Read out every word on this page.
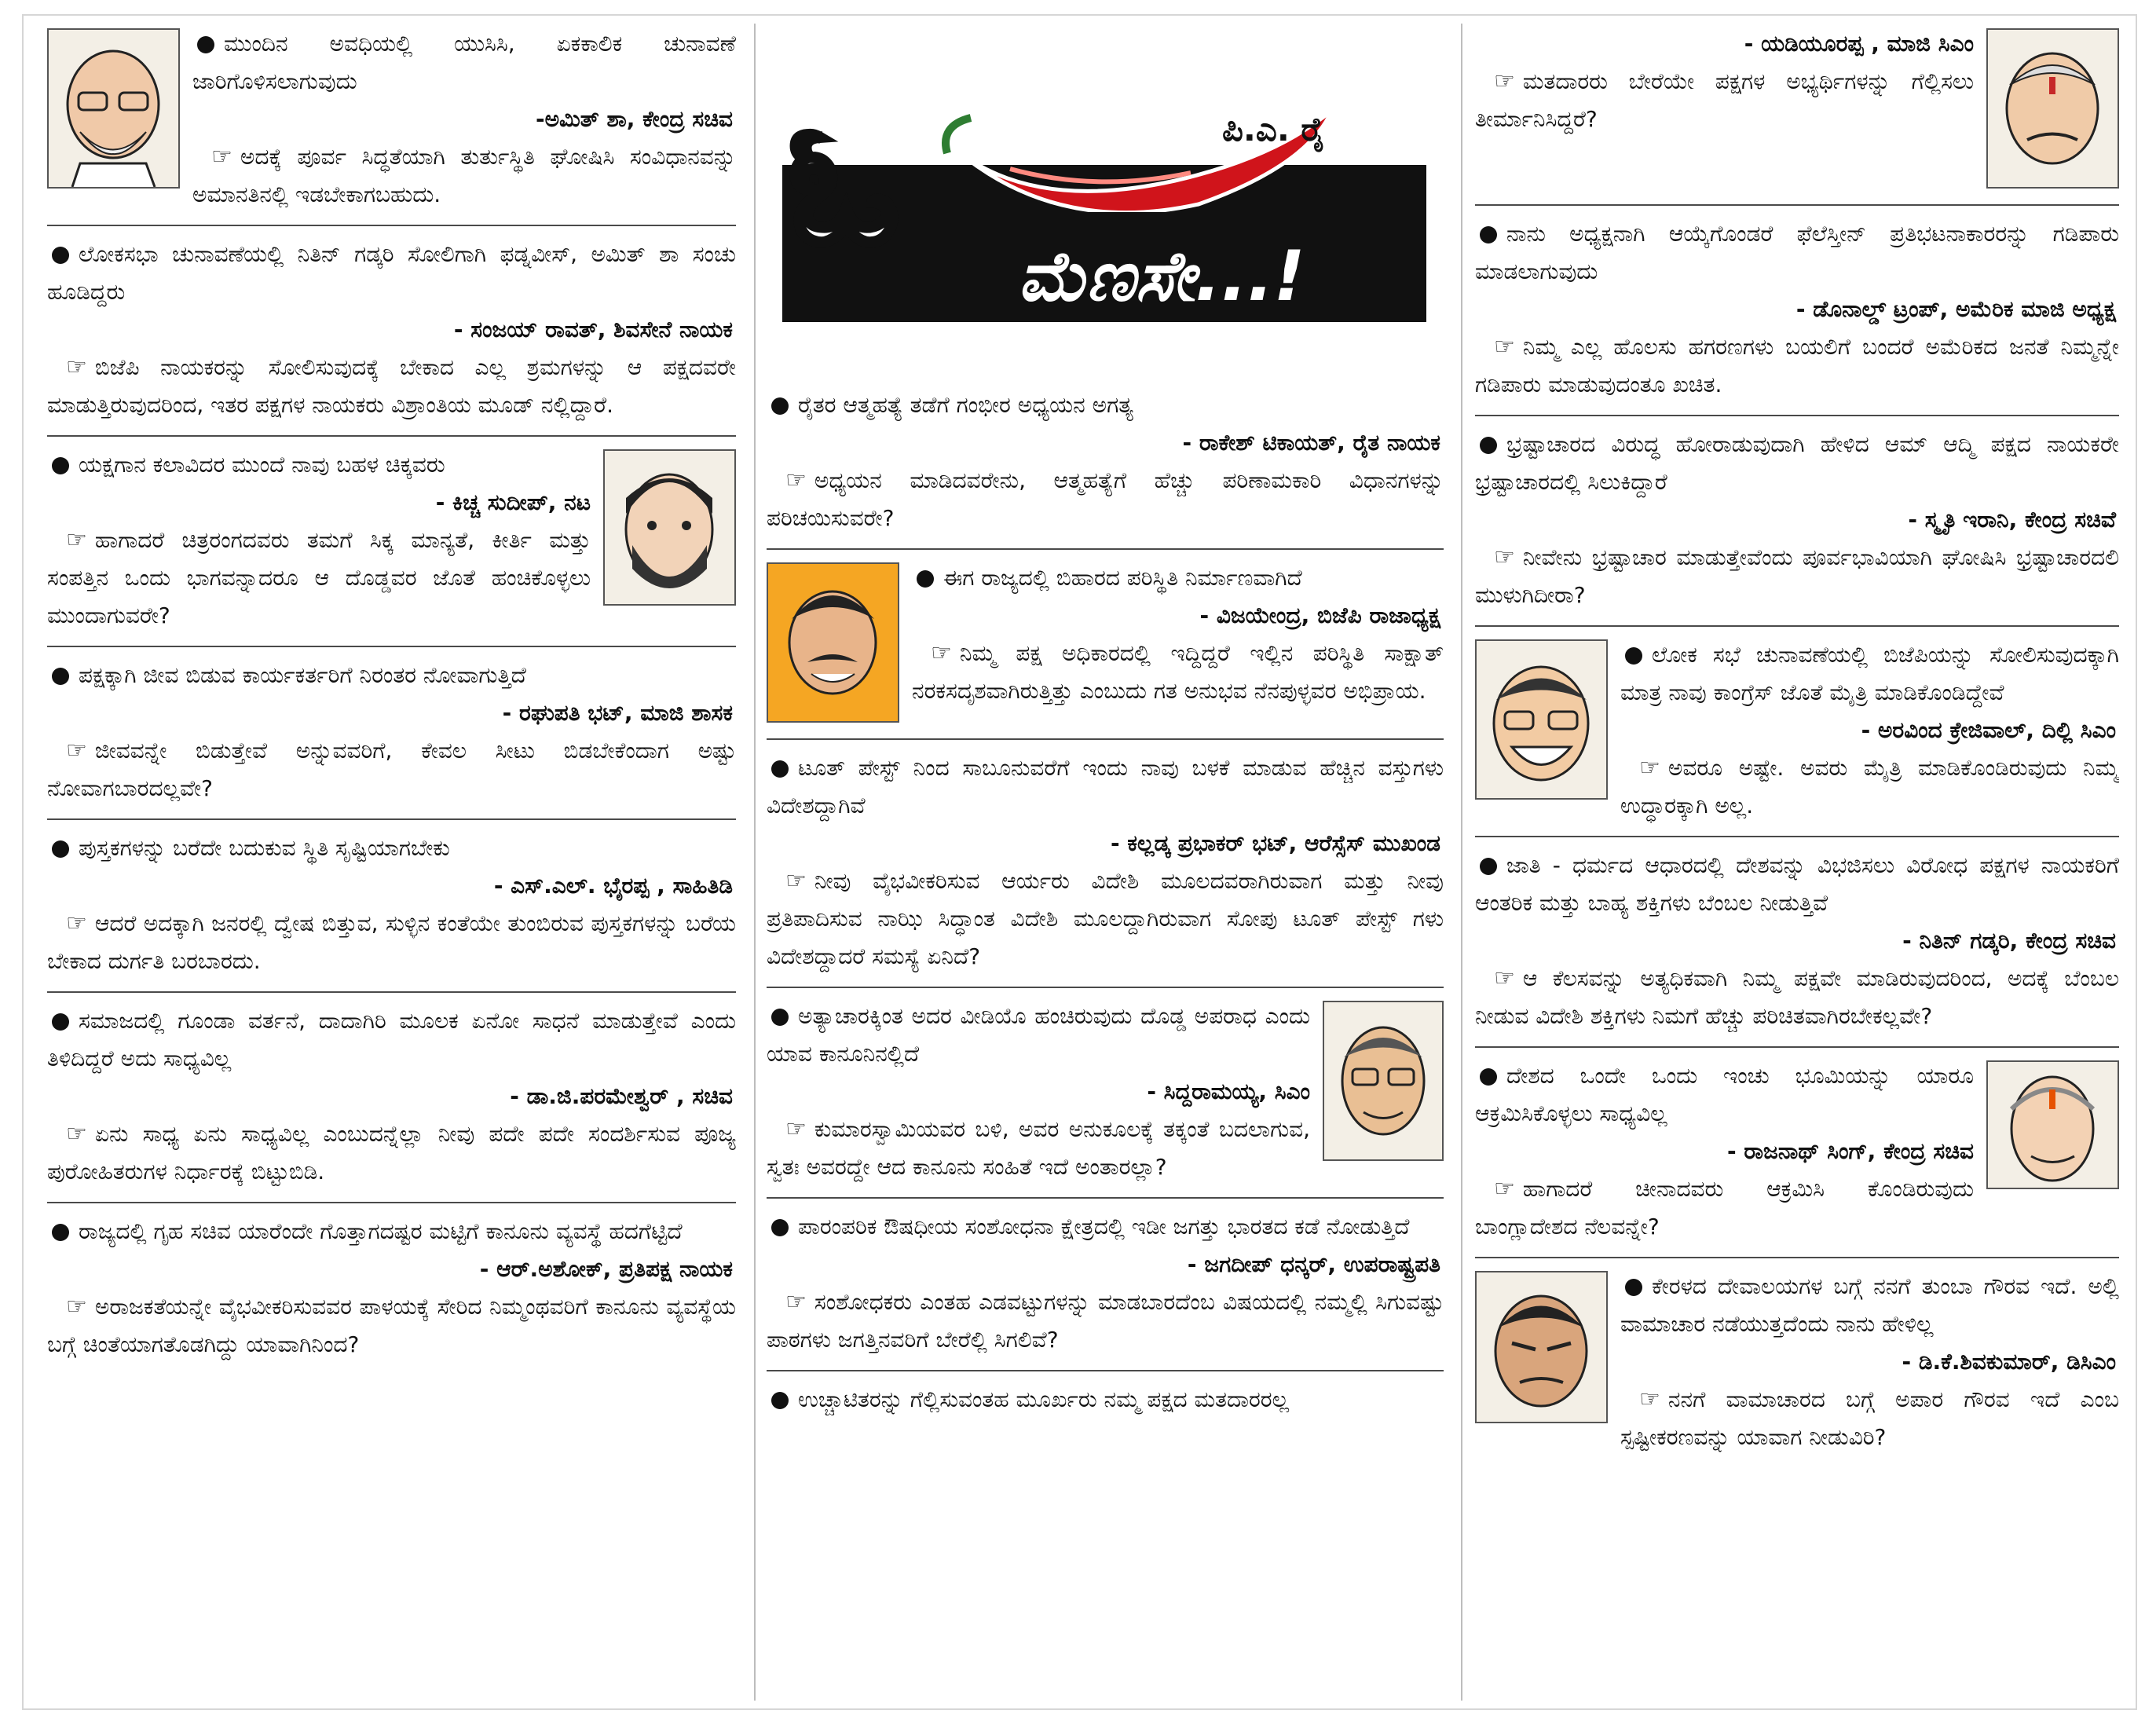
ಮುಂದಿನ ಅವಧಿಯಲ್ಲಿ ಯುಸಿಸಿ, ಏಕಕಾಲಿಕ ಚುನಾವಣೆ ಜಾರಿಗೊಳಿಸಲಾಗುವುದು
-ಅಮಿತ್ ಶಾ, ಕೇಂದ್ರ ಸಚಿವ
☞ ಅದಕ್ಕೆ ಪೂರ್ವ ಸಿದ್ಧತೆಯಾಗಿ ತುರ್ತುಸ್ಥಿತಿ ಘೋಷಿಸಿ ಸಂವಿಧಾನವನ್ನು ಅಮಾನತಿನಲ್ಲಿ ಇಡಬೇಕಾಗಬಹುದು.
ಲೋಕಸಭಾ ಚುನಾವಣೆಯಲ್ಲಿ ನಿತಿನ್ ಗಡ್ಕರಿ ಸೋಲಿಗಾಗಿ ಫಡ್ನವೀಸ್, ಅಮಿತ್ ಶಾ ಸಂಚು ಹೂಡಿದ್ದರು
- ಸಂಜಯ್ ರಾವತ್, ಶಿವಸೇನೆ ನಾಯಕ
☞ ಬಿಜೆಪಿ ನಾಯಕರನ್ನು ಸೋಲಿಸುವುದಕ್ಕೆ ಬೇಕಾದ ಎಲ್ಲ ಶ್ರಮಗಳನ್ನು ಆ ಪಕ್ಷದವರೇ ಮಾಡುತ್ತಿರುವುದರಿಂದ, ಇತರ ಪಕ್ಷಗಳ ನಾಯಕರು ವಿಶ್ರಾಂತಿಯ ಮೂಡ್ ನಲ್ಲಿದ್ದಾರೆ.
ಯಕ್ಷಗಾನ ಕಲಾವಿದರ ಮುಂದೆ ನಾವು ಬಹಳ ಚಿಕ್ಕವರು
- ಕಿಚ್ಚ ಸುದೀಪ್, ನಟ
☞ ಹಾಗಾದರೆ ಚಿತ್ರರಂಗದವರು ತಮಗೆ ಸಿಕ್ಕ ಮಾನ್ಯತೆ, ಕೀರ್ತಿ ಮತ್ತು ಸಂಪತ್ತಿನ ಒಂದು ಭಾಗವನ್ನಾದರೂ ಆ ದೊಡ್ಡವರ ಜೊತೆ ಹಂಚಿಕೊಳ್ಳಲು ಮುಂದಾಗುವರೇ?
ಪಕ್ಷಕ್ಕಾಗಿ ಜೀವ ಬಿಡುವ ಕಾರ್ಯಕರ್ತರಿಗೆ ನಿರಂತರ ನೋವಾಗುತ್ತಿದೆ
- ರಘುಪತಿ ಭಟ್, ಮಾಜಿ ಶಾಸಕ
☞ ಜೀವವನ್ನೇ ಬಿಡುತ್ತೇವೆ ಅನ್ನುವವರಿಗೆ, ಕೇವಲ ಸೀಟು ಬಿಡಬೇಕೆಂದಾಗ ಅಷ್ಟು ನೋವಾಗಬಾರದಲ್ಲವೇ?
ಪುಸ್ತಕಗಳನ್ನು ಬರೆದೇ ಬದುಕುವ ಸ್ಥಿತಿ ಸೃಷ್ಟಿಯಾಗಬೇಕು
- ಎಸ್.ಎಲ್. ಭೈರಪ್ಪ , ಸಾಹಿತಿಡಿ
☞ ಆದರೆ ಅದಕ್ಕಾಗಿ ಜನರಲ್ಲಿ ದ್ವೇಷ ಬಿತ್ತುವ, ಸುಳ್ಳಿನ ಕಂತೆಯೇ ತುಂಬಿರುವ ಪುಸ್ತಕಗಳನ್ನು ಬರೆಯ ಬೇಕಾದ ದುರ್ಗತಿ ಬರಬಾರದು.
ಸಮಾಜದಲ್ಲಿ ಗೂಂಡಾ ವರ್ತನೆ, ದಾದಾಗಿರಿ ಮೂಲಕ ಏನೋ ಸಾಧನೆ ಮಾಡುತ್ತೇವೆ ಎಂದು ತಿಳಿದಿದ್ದರೆ ಅದು ಸಾಧ್ಯವಿಲ್ಲ
- ಡಾ.ಜಿ.ಪರಮೇಶ್ವರ್ , ಸಚಿವ
☞ ಏನು ಸಾಧ್ಯ ಏನು ಸಾಧ್ಯವಿಲ್ಲ ಎಂಬುದನ್ನೆಲ್ಲಾ ನೀವು ಪದೇ ಪದೇ ಸಂದರ್ಶಿಸುವ ಪೂಜ್ಯ ಪುರೋಹಿತರುಗಳ ನಿರ್ಧಾರಕ್ಕೆ ಬಿಟ್ಟುಬಿಡಿ.
ರಾಜ್ಯದಲ್ಲಿ ಗೃಹ ಸಚಿವ ಯಾರೆಂದೇ ಗೊತ್ತಾಗದಷ್ಟರ ಮಟ್ಟಿಗೆ ಕಾನೂನು ವ್ಯವಸ್ಥೆ ಹದಗೆಟ್ಟಿದೆ
- ಆರ್.ಅಶೋಕ್, ಪ್ರತಿಪಕ್ಷ ನಾಯಕ
☞ ಅರಾಜಕತೆಯನ್ನೇ ವೈಭವೀಕರಿಸುವವರ ಪಾಳಯಕ್ಕೆ ಸೇರಿದ ನಿಮ್ಮಂಥವರಿಗೆ ಕಾನೂನು ವ್ಯವಸ್ಥೆಯ ಬಗ್ಗೆ ಚಿಂತೆಯಾಗತೊಡಗಿದ್ದು ಯಾವಾಗಿನಿಂದ?
ಓ	ಪಿ.ಎ. ರೈ
ಮೆಣಸೇ...!
ರೈತರ ಆತ್ಮಹತ್ಯೆ ತಡೆಗೆ ಗಂಭೀರ ಅಧ್ಯಯನ ಅಗತ್ಯ
- ರಾಕೇಶ್ ಟಿಕಾಯತ್, ರೈತ ನಾಯಕ
☞ ಅಧ್ಯಯನ ಮಾಡಿದವರೇನು, ಆತ್ಮಹತ್ಯೆಗೆ ಹೆಚ್ಚು ಪರಿಣಾಮಕಾರಿ ವಿಧಾನಗಳನ್ನು ಪರಿಚಯಿಸುವರೇ?
ಈಗ ರಾಜ್ಯದಲ್ಲಿ ಬಿಹಾರದ ಪರಿಸ್ಥಿತಿ ನಿರ್ಮಾಣವಾಗಿದೆ
- ವಿಜಯೇಂದ್ರ, ಬಿಜೆಪಿ ರಾಜಾಧ್ಯಕ್ಷ
☞ ನಿಮ್ಮ ಪಕ್ಷ ಅಧಿಕಾರದಲ್ಲಿ ಇದ್ದಿದ್ದರೆ ಇಲ್ಲಿನ ಪರಿಸ್ಥಿತಿ ಸಾಕ್ಷಾತ್ ನರಕಸದೃಶವಾಗಿರುತ್ತಿತ್ತು ಎಂಬುದು ಗತ ಅನುಭವ ನೆನಪುಳ್ಳವರ ಅಭಿಪ್ರಾಯ.
ಟೂತ್ ಪೇಸ್ಟ್ ನಿಂದ ಸಾಬೂನುವರೆಗೆ ಇಂದು ನಾವು ಬಳಕೆ ಮಾಡುವ ಹೆಚ್ಚಿನ ವಸ್ತುಗಳು ವಿದೇಶದ್ದಾಗಿವೆ
- ಕಲ್ಲಡ್ಕ ಪ್ರಭಾಕರ್ ಭಟ್, ಆರೆಸ್ಸೆಸ್ ಮುಖಂಡ
☞ ನೀವು ವೈಭವೀಕರಿಸುವ ಆರ್ಯರು ವಿದೇಶಿ ಮೂಲದವರಾಗಿರುವಾಗ ಮತ್ತು ನೀವು ಪ್ರತಿಪಾದಿಸುವ ನಾಝಿ ಸಿದ್ಧಾಂತ ವಿದೇಶಿ ಮೂಲದ್ದಾಗಿರುವಾಗ ಸೋಪು ಟೂತ್ ಪೇಸ್ಟ್ ಗಳು ವಿದೇಶದ್ದಾದರೆ ಸಮಸ್ಯೆ ಏನಿದೆ?
ಅತ್ಯಾಚಾರಕ್ಕಿಂತ ಅದರ ವೀಡಿಯೊ ಹಂಚಿರುವುದು ದೊಡ್ಡ ಅಪರಾಧ ಎಂದು ಯಾವ ಕಾನೂನಿನಲ್ಲಿದೆ
- ಸಿದ್ದರಾಮಯ್ಯ, ಸಿಎಂ
☞ ಕುಮಾರಸ್ವಾಮಿಯವರ ಬಳಿ, ಅವರ ಅನುಕೂಲಕ್ಕೆ ತಕ್ಕಂತೆ ಬದಲಾಗುವ, ಸ್ವತಃ ಅವರದ್ದೇ ಆದ ಕಾನೂನು ಸಂಹಿತೆ ಇದೆ ಅಂತಾರಲ್ಲಾ?
ಪಾರಂಪರಿಕ ಔಷಧೀಯ ಸಂಶೋಧನಾ ಕ್ಷೇತ್ರದಲ್ಲಿ ಇಡೀ ಜಗತ್ತು ಭಾರತದ ಕಡೆ ನೋಡುತ್ತಿದೆ
- ಜಗದೀಪ್ ಧನ್ಕರ್, ಉಪರಾಷ್ಟ್ರಪತಿ
☞ ಸಂಶೋಧಕರು ಎಂತಹ ಎಡವಟ್ಟುಗಳನ್ನು ಮಾಡಬಾರದೆಂಬ ವಿಷಯದಲ್ಲಿ ನಮ್ಮಲ್ಲಿ ಸಿಗುವಷ್ಟು ಪಾಠಗಳು ಜಗತ್ತಿನವರಿಗೆ ಬೇರೆಲ್ಲಿ ಸಿಗಲಿವೆ?
ಉಚ್ಚಾಟಿತರನ್ನು ಗೆಲ್ಲಿಸುವಂತಹ ಮೂರ್ಖರು ನಮ್ಮ ಪಕ್ಷದ ಮತದಾರರಲ್ಲ
- ಯಡಿಯೂರಪ್ಪ , ಮಾಜಿ ಸಿಎಂ
☞ ಮತದಾರರು ಬೇರೆಯೇ ಪಕ್ಷಗಳ ಅಭ್ಯರ್ಥಿಗಳನ್ನು ಗೆಲ್ಲಿಸಲು ತೀರ್ಮಾನಿಸಿದ್ದರೆ?
ನಾನು ಅಧ್ಯಕ್ಷನಾಗಿ ಆಯ್ಕೆಗೊಂಡರೆ ಫೆಲೆಸ್ತೀನ್ ಪ್ರತಿಭಟನಾಕಾರರನ್ನು ಗಡಿಪಾರು ಮಾಡಲಾಗುವುದು
- ಡೊನಾಲ್ಡ್ ಟ್ರಂಪ್, ಅಮೆರಿಕ ಮಾಜಿ ಅಧ್ಯಕ್ಷ
☞ ನಿಮ್ಮ ಎಲ್ಲ ಹೊಲಸು ಹಗರಣಗಳು ಬಯಲಿಗೆ ಬಂದರೆ ಅಮೆರಿಕದ ಜನತೆ ನಿಮ್ಮನ್ನೇ ಗಡಿಪಾರು ಮಾಡುವುದಂತೂ ಖಚಿತ.
ಭ್ರಷ್ಟಾಚಾರದ ವಿರುದ್ಧ ಹೋರಾಡುವುದಾಗಿ ಹೇಳಿದ ಆಮ್ ಆದ್ಮಿ ಪಕ್ಷದ ನಾಯಕರೇ ಭ್ರಷ್ಟಾಚಾರದಲ್ಲಿ ಸಿಲುಕಿದ್ದಾರೆ
- ಸ್ಮೃತಿ ಇರಾನಿ, ಕೇಂದ್ರ ಸಚಿವೆ
☞ ನೀವೇನು ಭ್ರಷ್ಟಾಚಾರ ಮಾಡುತ್ತೇವೆಂದು ಪೂರ್ವಭಾವಿಯಾಗಿ ಘೋಷಿಸಿ ಭ್ರಷ್ಟಾಚಾರದಲಿ ಮುಳುಗಿದೀರಾ?
ಲೋಕ ಸಭೆ ಚುನಾವಣೆಯಲ್ಲಿ ಬಿಜೆಪಿಯನ್ನು ಸೋಲಿಸುವುದಕ್ಕಾಗಿ ಮಾತ್ರ ನಾವು ಕಾಂಗ್ರೆಸ್ ಜೊತೆ ಮೈತ್ರಿ ಮಾಡಿಕೊಂಡಿದ್ದೇವೆ
- ಅರವಿಂದ ಕ್ರೇಜಿವಾಲ್, ದಿಲ್ಲಿ ಸಿಎಂ
☞ ಅವರೂ ಅಷ್ಟೇ. ಅವರು ಮೈತ್ರಿ ಮಾಡಿಕೊಂಡಿರುವುದು ನಿಮ್ಮ ಉದ್ಧಾರಕ್ಕಾಗಿ ಅಲ್ಲ.
ಜಾತಿ - ಧರ್ಮದ ಆಧಾರದಲ್ಲಿ ದೇಶವನ್ನು ವಿಭಜಿಸಲು ವಿರೋಧ ಪಕ್ಷಗಳ ನಾಯಕರಿಗೆ ಆಂತರಿಕ ಮತ್ತು ಬಾಹ್ಯ ಶಕ್ತಿಗಳು ಬೆಂಬಲ ನೀಡುತ್ತಿವೆ
- ನಿತಿನ್ ಗಡ್ಕರಿ, ಕೇಂದ್ರ ಸಚಿವ
☞ ಆ ಕೆಲಸವನ್ನು ಅತ್ಯಧಿಕವಾಗಿ ನಿಮ್ಮ ಪಕ್ಷವೇ ಮಾಡಿರುವುದರಿಂದ, ಅದಕ್ಕೆ ಬೆಂಬಲ ನೀಡುವ ವಿದೇಶಿ ಶಕ್ತಿಗಳು ನಿಮಗೆ ಹೆಚ್ಚು ಪರಿಚಿತವಾಗಿರಬೇಕಲ್ಲವೇ?
ದೇಶದ ಒಂದೇ ಒಂದು ಇಂಚು ಭೂಮಿಯನ್ನು ಯಾರೂ ಆಕ್ರಮಿಸಿಕೊಳ್ಳಲು ಸಾಧ್ಯವಿಲ್ಲ
- ರಾಜನಾಥ್ ಸಿಂಗ್, ಕೇಂದ್ರ ಸಚಿವ
☞ ಹಾಗಾದರೆ ಚೀನಾದವರು ಆಕ್ರಮಿಸಿ ಕೊಂಡಿರುವುದು ಬಾಂಗ್ಲಾದೇಶದ ನೆಲವನ್ನೇ?
ಕೇರಳದ ದೇವಾಲಯಗಳ ಬಗ್ಗೆ ನನಗೆ ತುಂಬಾ ಗೌರವ ಇದೆ. ಅಲ್ಲಿ ವಾಮಾಚಾರ ನಡೆಯುತ್ತದೆಂದು ನಾನು ಹೇಳಿಲ್ಲ
- ಡಿ.ಕೆ.ಶಿವಕುಮಾರ್, ಡಿಸಿಎಂ
☞ ನನಗೆ ವಾಮಾಚಾರದ ಬಗ್ಗೆ ಅಪಾರ ಗೌರವ ಇದೆ ಎಂಬ ಸ್ಪಷ್ಟೀಕರಣವನ್ನು ಯಾವಾಗ ನೀಡುವಿರಿ?
